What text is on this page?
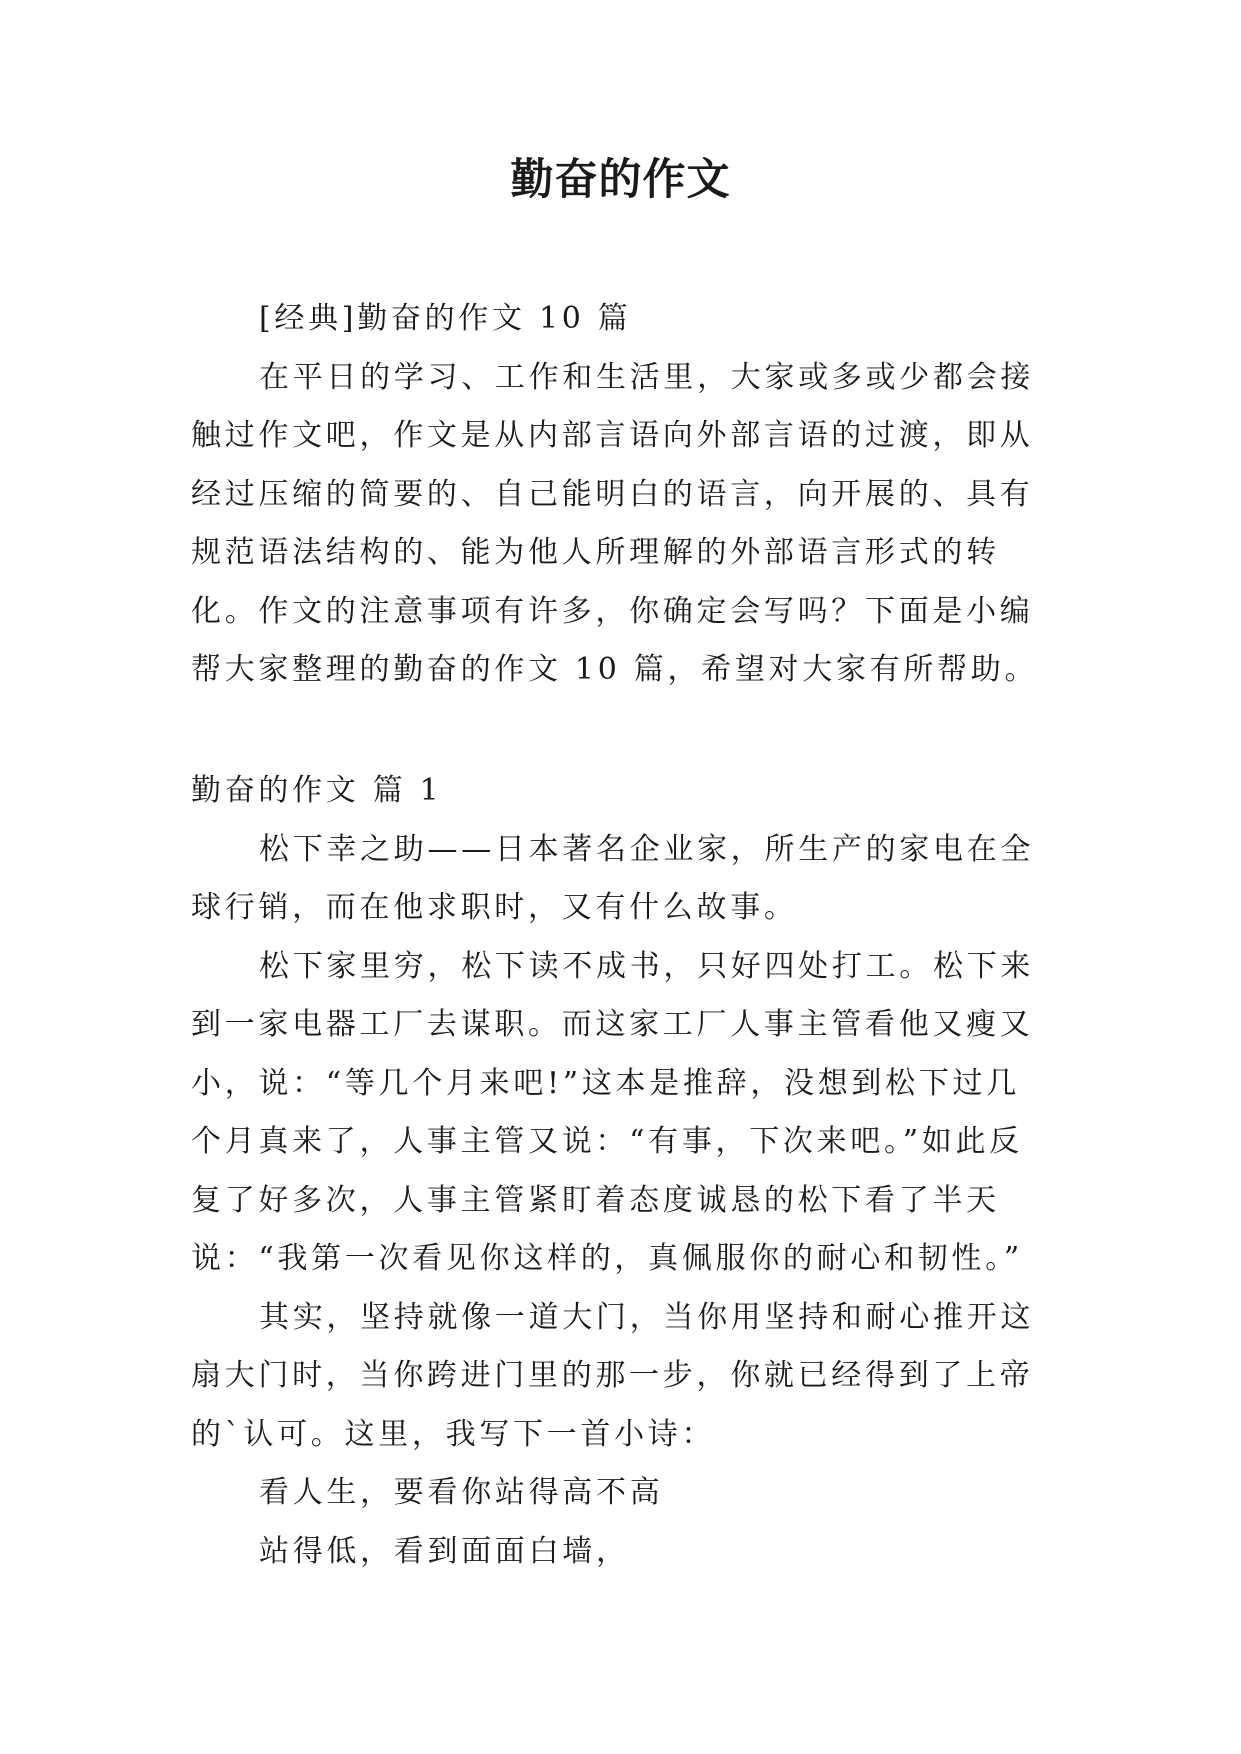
勤奋的作文

[经典]勤奋的作文 10 篇

在平日的学习、工作和生活里，大家或多或少都会接触过作文吧，作文是从内部言语向外部言语的过渡，即从经过压缩的简要的、自己能明白的语言，向开展的、具有规范语法结构的、能为他人所理解的外部语言形式的转化。作文的注意事项有许多，你确定会写吗？下面是小编帮大家整理的勤奋的作文 10 篇，希望对大家有所帮助。

勤奋的作文 篇 1

松下幸之助——日本著名企业家，所生产的家电在全球行销，而在他求职时，又有什么故事。

松下家里穷，松下读不成书，只好四处打工。松下来到一家电器工厂去谋职。而这家工厂人事主管看他又瘦又小，说：“等几个月来吧!”这本是推辞，没想到松下过几个月真来了，人事主管又说：“有事，下次来吧。”如此反复了好多次，人事主管紧盯着态度诚恳的松下看了半天说：“我第一次看见你这样的，真佩服你的耐心和韧性。”

其实，坚持就像一道大门，当你用坚持和耐心推开这扇大门时，当你跨进门里的那一步，你就已经得到了上帝的`认可。这里，我写下一首小诗：

看人生，要看你站得高不高

站得低，看到面面白墙，
